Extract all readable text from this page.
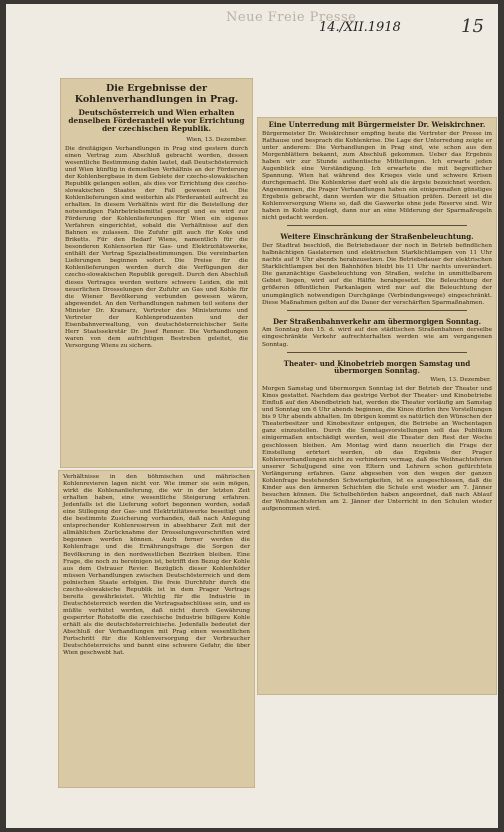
Neue Freie Presse
14./XII.1918	15
Die Ergebnisse der Kohlenverhandlungen in Prag.
Deutschösterreich und Wien erhalten denselben Förderanteil wie vor Errichtung der czechischen Republik.
Wien, 13. Dezember.

Die dreitägigen Verhandlungen in Prag sind gestern durch einen Vertrag zum Abschluß gebracht worden, dessen wesentliche Bestimmung dahin lautet, daß Deutschösterreich und Wien künftig in demselben Verhältnis an der Förderung der Kohlenbergbaue in dem Gebiete der czecho-slowakischen Republik gelangen sollen, als dies vor Errichtung des czecho-slowakischen Staates der Fall gewesen ist. Die Kohlenlieferungen sind weiterhin als Förderanteil aufrecht zu erhalten. In diesem Verhältnis wird für die Beistellung der notwendigen Fahrbetriebsmittel gesorgt und es wird zur Förderung der Kohlenlieferungen für Wien ein eigenes Verfahren eingerichtet, sobald die Verhältnisse auf den Bahnen es zulassen. Die Zufuhr gilt auch für Koks und Briketts. Für den Bedarf Wiens, namentlich für die besonderen Kohlensorten für Gas- und Elektrizitätswerke, enthält der Vertrag Spezialbestimmungen. Die vereinbarten Lieferungen beginnen sofort. Die Preise für die Kohlenlieferungen werden durch die Verfügungen der czecho-slowakischen Republik geregelt. Durch den Abschluß dieses Vertrages werden weitere schwere Leiden, die mit neuerlichen Drosselungen der Zufuhr an Gas und Kohle für die Wiener Bevölkerung verbunden gewesen wären, abgewendet. An den Verhandlungen nahmen teil seitens der Minister Dr. Kramarz, Vertreter des Ministeriums und Vertreter der Kohlenproduzenten und der Eisenbahnverwaltung, von deutschösterreichischer Seite Herr Staatssekretär Dr. Josef Renner. Die Verhandlungen waren von dem aufrichtigen Bestreben geleitet, die Versorgung Wiens zu sichern.

Verhältnisse in den böhmischen und mährischen Kohlenrevieren lagen nicht vor. Wie immer sie sein mögen, wirkt die Kohlenanlieferung, die wir in der letzten Zeit erhalten haben, eine wesentliche Steigerung erfahren. Jedenfalls ist die Lieferung sofort begonnen worden, sodaß eine Stillegung der Gas- und Elektrizitätswerke beseitigt und die bestimmte Zusicherung vorhanden, daß nach Anlegung entsprechender Kohlenreserven in absehbarer Zeit mit der allmählichen Zurücknahme der Drosselungsvorschriften wird begonnen werden können. Auch ferner werden die Kohlenfrage und die Ernährungsfrage die Sorgen der Bevölkerung in den nordwestlichen Bezirken bleiben. Eine Frage, die noch zu bereinigen ist, betrifft den Bezug der Kohle aus dem Ostrauer Revier. Bezüglich dieser Kohlenfelder müssen Verhandlungen zwischen Deutschösterreich und dem polnischen Staate erfolgen. Die freie Durchfuhr durch die czecho-slowakische Republik ist in dem Prager Vertrage bereits gewährleistet. Wichtig für die Industrie in Deutschösterreich werden die Vertragsabschlüsse sein, und es müßte verhütet werden, daß nicht durch Gewährung gesperrter Rohstoffe die czechische Industrie billigere Kohle erhält als die deutschösterreichische. Jedenfalls bedeutet der Abschluß der Verhandlungen mit Prag einen wesentlichen Fortschritt für die Kohlenversorgung der Verbraucher Deutschösterreichs und bannt eine schwere Gefahr, die über Wien geschwebt hat.

Eine Unterredung mit Bürgermeister Dr. Weiskirchner.

Bürgermeister Dr. Weiskirchner empfing heute die Vertreter der Presse im Rathause und besprach die Kohlenkrise. Die Lage der Unterredung zeigte er unter anderem: Die Verhandlungen in Prag sind, wie schon aus den Morgenblättern bekannt, zum Abschluß gekommen. Ueber das Ergebnis haben wir zur Stunde authentische Mitteilungen. Ich erwarte jeden Augenblick eine Verständigung. Ich erwartete die mit begreiflicher Spannung. Wien hat während des Krieges viele und schwere Krisen durchgemacht. Die Kohlenkrise darf wohl als die ärgste bezeichnet werden. Angenommen, die Prager Verhandlungen haben ein einigermaßen günstiges Ergebnis gebracht, dann werden wir die Situation prüfen. Derzeit ist die Kohlenversorgung Wiens so, daß die Gaswerke ohne jede Reserve sind. Wir haben in Kohle zugelegt, dann nur an eine Milderung der Sparmaßregeln nicht gedacht werden.

Weitere Einschränkung der Straßenbeleuchtung.

Der Stadtrat beschloß, die Betriebsdauer der noch in Betrieb befindlichen halbnächtigen Gaslaternen und elektrischen Starklichtlampen von 11 Uhr nachts auf 9 Uhr abends herabzusetzen. Die Betriebsdauer der elektrischen Starklichtlampen bei den Bahnhöfen bleibt bis 11 Uhr nachts unverändert. Die ganznächtige Gasbeleuchtung von Straßen, welche in unmittelbarem Gebiet liegen, wird auf die Hälfte herabgesetzt. Die Beleuchtung der größeren öffentlichen Parkanlagen wird nur auf die Beleuchtung der unumgänglich notwendigen Durchgänge (Verbindungswege) eingeschränkt. Diese Maßnahmen gelten auf die Dauer der verschärften Sparmaßnahmen.

Der Straßenbahnverkehr am übermorgigen Sonntag.

Am Sonntag den 15. d. wird auf den städtischen Straßenbahnen derselbe eingeschränkte Verkehr aufrechterhalten werden wie am vergangenen Sonntag.

Theater- und Kinobetrieb morgen Samstag und übermorgen Sonntag.
Wien, 13. Dezember.

Morgen Samstag und übermorgen Sonntag ist der Betrieb der Theater und Kinos gestattet. Nachdem das gestrige Verbot der Theater- und Kinobetriebe Einfluß auf den Abendbetrieb hat, werden die Theater vorläufig am Samstag und Sonntag um 6 Uhr abends beginnen, die Kinos dürfen ihre Vorstellungen bis 9 Uhr abends abhalten. Im übrigen kommt es natürlich den Wünschen der Theaterbesitzer und Kinobesitzer entgegen, die Betriebe an Wochentagen ganz einzustellen. Durch die Sonntagsvorstellungen soll das Publikum einigermaßen entschädigt werden, weil die Theater den Rest der Woche geschlossen bleiben. Am Montag wird dann neuerlich die Frage der Einstellung erörtert werden, ob das Ergebnis der Prager Kohlenverhandlungen nicht zu verhindern vermag, daß die Weihnachtsferien unserer Schuljugend eine von Eltern und Lehrern schon gefürchtete Verlängerung erfahren. Ganz abgesehen von den wegen der ganzen Kohlenfrage bestehenden Schwierigkeiten, ist es ausgeschlossen, daß die Kinder aus den ärmeren Schichten die Schule erst wieder am 7. Jänner besuchen können. Die Schulbehörden haben angeordnet, daß nach Ablauf der Weihnachtsferien am 2. Jänner der Unterricht in den Schulen wieder aufgenommen wird.
